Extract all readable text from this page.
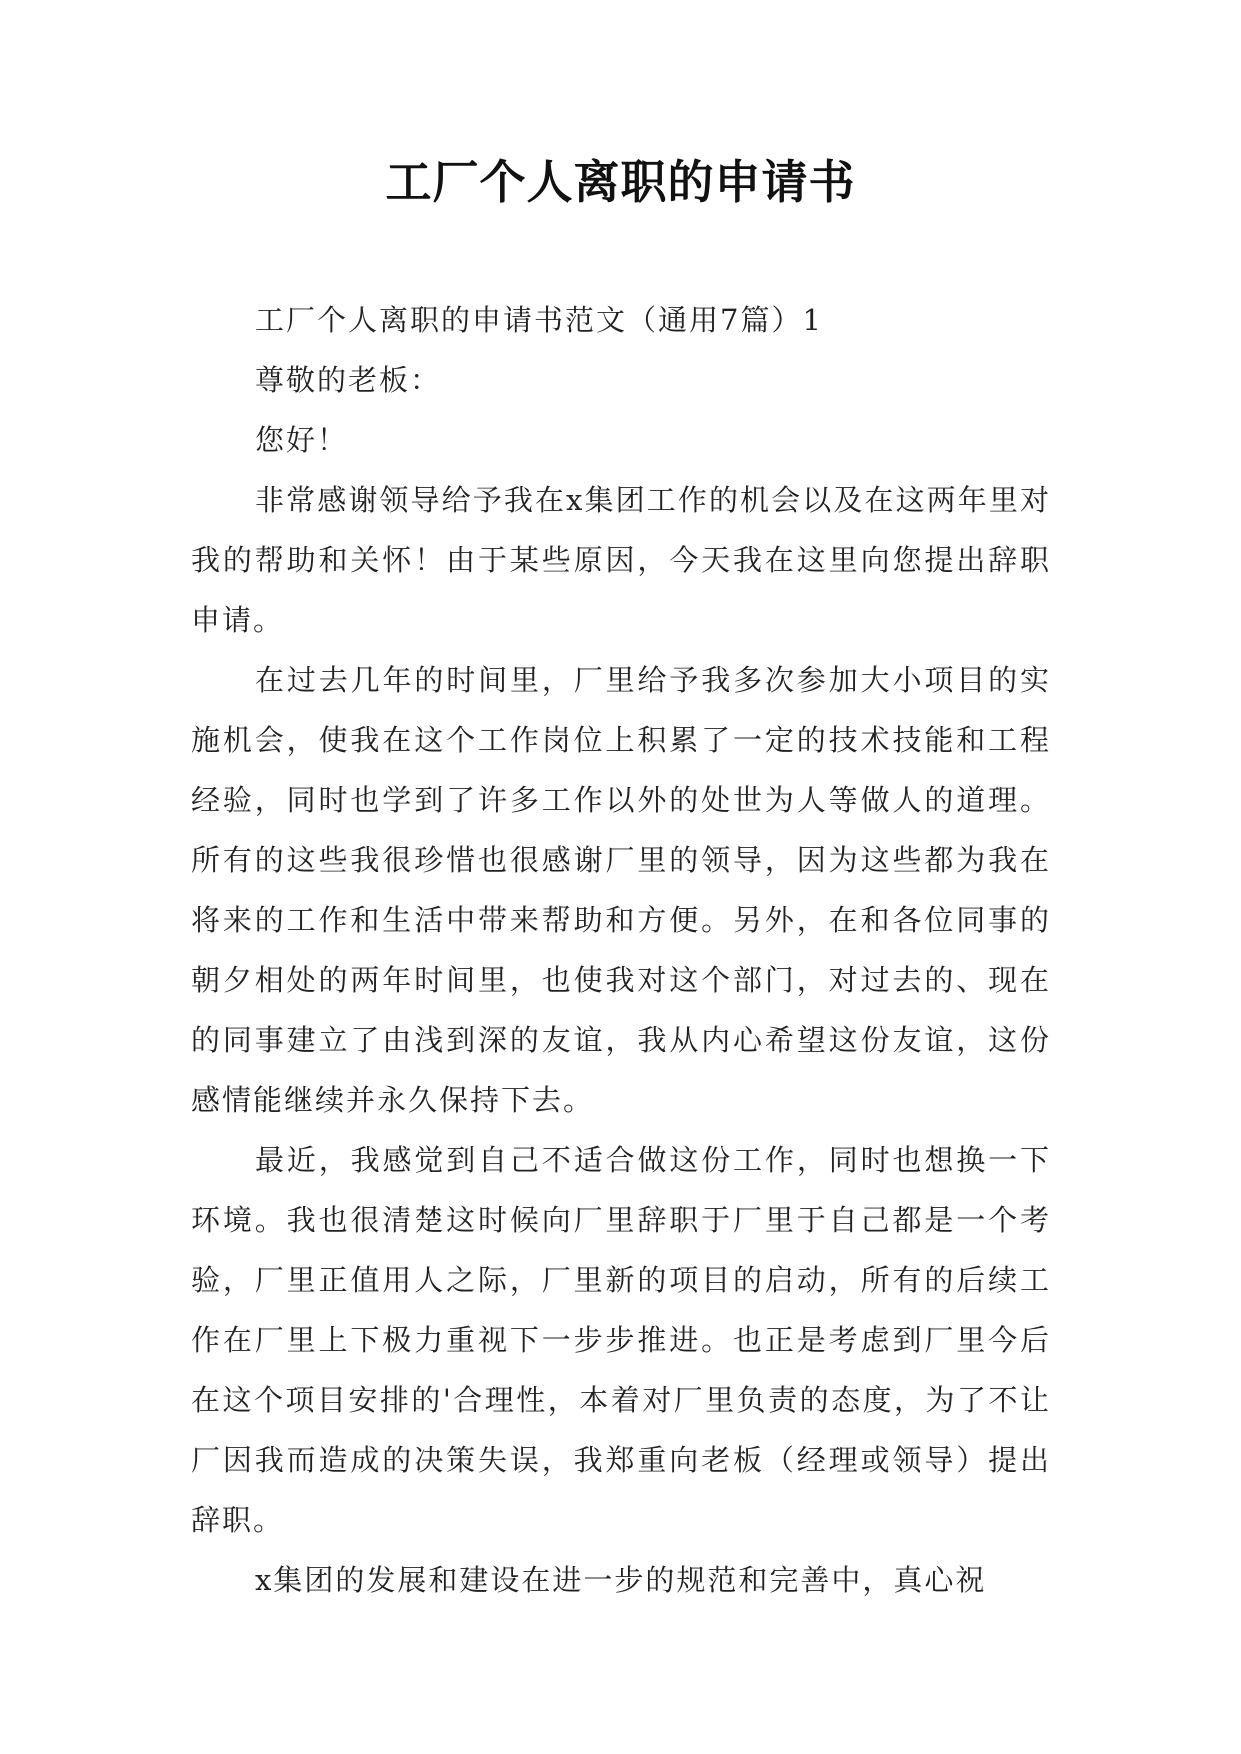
工厂个人离职的申请书

工厂个人离职的申请书范文（通用7篇）1

尊敬的老板：

您好！

非常感谢领导给予我在x集团工作的机会以及在这两年里对我的帮助和关怀！由于某些原因，今天我在这里向您提出辞职申请。

在过去几年的时间里，厂里给予我多次参加大小项目的实施机会，使我在这个工作岗位上积累了一定的技术技能和工程经验，同时也学到了许多工作以外的处世为人等做人的道理。所有的这些我很珍惜也很感谢厂里的领导，因为这些都为我在将来的工作和生活中带来帮助和方便。另外，在和各位同事的朝夕相处的两年时间里，也使我对这个部门，对过去的、现在的同事建立了由浅到深的友谊，我从内心希望这份友谊，这份感情能继续并永久保持下去。

最近，我感觉到自己不适合做这份工作，同时也想换一下环境。我也很清楚这时候向厂里辞职于厂里于自己都是一个考验，厂里正值用人之际，厂里新的项目的启动，所有的后续工作在厂里上下极力重视下一步步推进。也正是考虑到厂里今后在这个项目安排的'合理性，本着对厂里负责的态度，为了不让厂因我而造成的决策失误，我郑重向老板（经理或领导）提出辞职。

x集团的发展和建设在进一步的规范和完善中，真心祝
